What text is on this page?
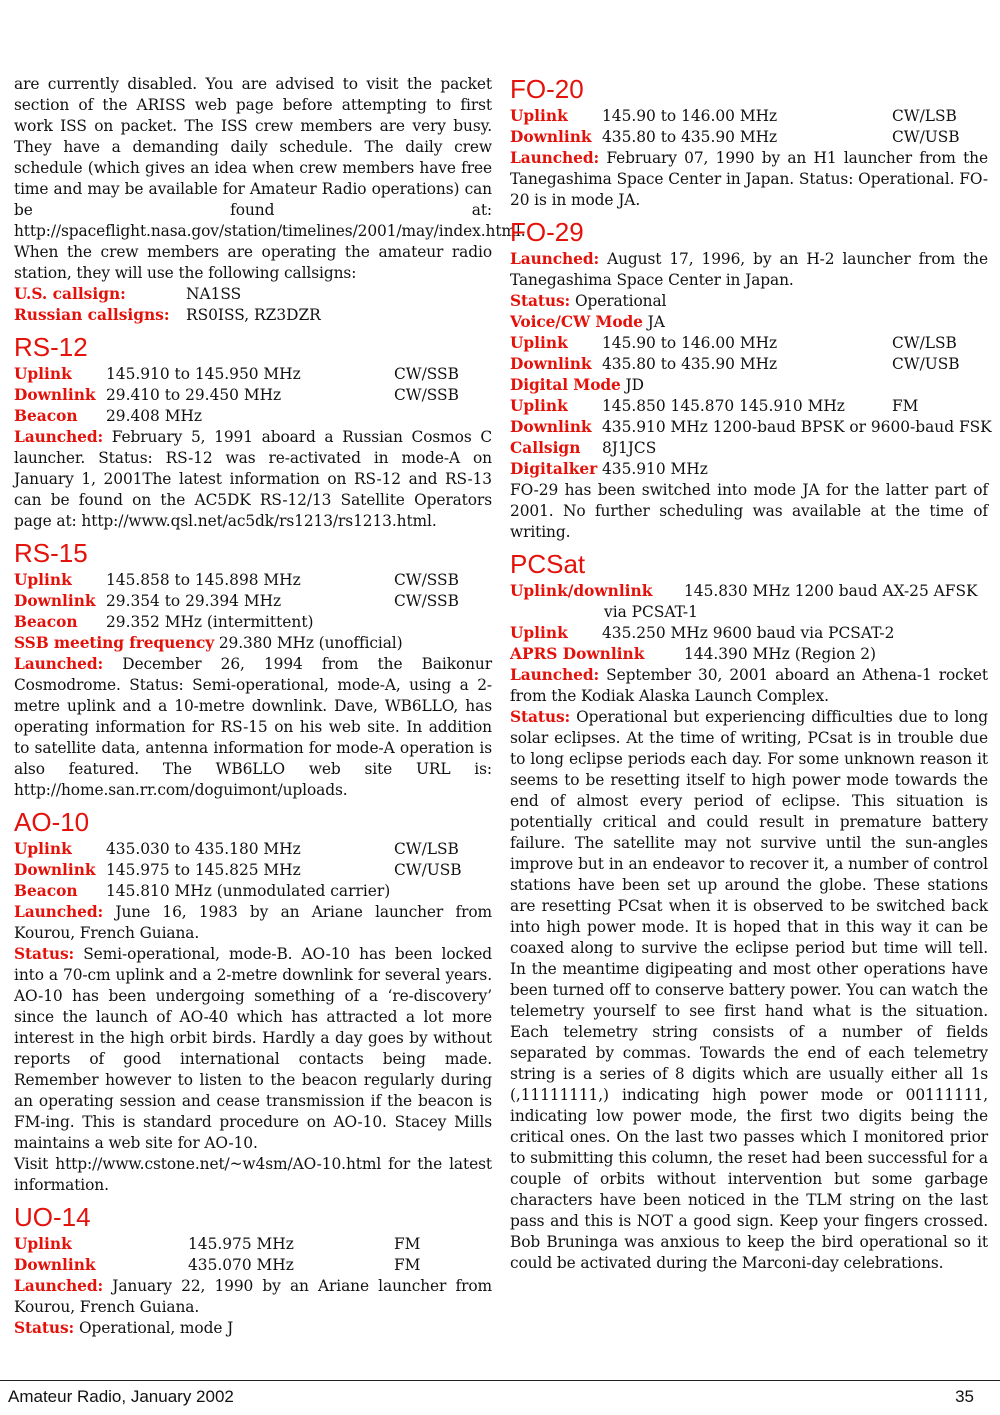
are currently disabled. You are advised to visit the packet section of the ARISS web page before attempting to first work ISS on packet. The ISS crew members are very busy. They have a demanding daily schedule. The daily crew schedule (which gives an idea when crew members have free time and may be available for Amateur Radio operations) can be found at: http://spaceflight.nasa.gov/station/timelines/2001/may/index.html. When the crew members are operating the amateur radio station, they will use the following callsigns:

U.S. callsign:	NA1SS
Russian callsigns:	RS0ISS, RZ3DZR
RS-12
Uplink	145.910 to 145.950 MHz	CW/SSB
Downlink 29.410 to 29.450 MHz	CW/SSB
Beacon	29.408 MHz

Launched: February 5, 1991 aboard a Russian Cosmos C launcher. Status: RS-12 was re-activated in mode-A on January 1, 2001The latest information on RS-12 and RS-13 can be found on the AC5DK RS-12/13 Satellite Operators page at: http://www.qsl.net/ac5dk/rs1213/rs1213.html.

RS-15
Uplink	145.858 to 145.898 MHz	CW/SSB
Downlink 29.354 to 29.394 MHz	CW/SSB
Beacon	29.352 MHz (intermittent)
SSB meeting frequency 29.380 MHz (unofficial)

Launched: December 26, 1994 from the Baikonur Cosmodrome. Status: Semi-operational, mode-A, using a 2-metre uplink and a 10-metre downlink. Dave, WB6LLO, has operating information for RS-15 on his web site. In addition to satellite data, antenna information for mode-A operation is also featured. The WB6LLO web site URL is: http://home.san.rr.com/doguimont/uploads.

AO-10
Uplink	435.030 to 435.180 MHz	CW/LSB
Downlink 145.975 to 145.825 MHz	CW/USB
Beacon	145.810 MHz (unmodulated carrier)

Launched: June 16, 1983 by an Ariane launcher from Kourou, French Guiana.

Status: Semi-operational, mode-B. AO-10 has been locked into a 70-cm uplink and a 2-metre downlink for several years. AO-10 has been undergoing something of a ‘re-discovery’ since the launch of AO-40 which has attracted a lot more interest in the high orbit birds. Hardly a day goes by without reports of good international contacts being made. Remember however to listen to the beacon regularly during an operating session and cease transmission if the beacon is FM-ing. This is standard procedure on AO-10. Stacey Mills maintains a web site for AO-10.

Visit http://www.cstone.net/~w4sm/AO-10.html for the latest information.

UO-14
Uplink	145.975 MHz	FM
Downlink	435.070 MHz	FM

Launched: January 22, 1990 by an Ariane launcher from Kourou, French Guiana.

Status: Operational, mode J

FO-20
Uplink	145.90 to 146.00 MHz	CW/LSB
Downlink 435.80 to 435.90 MHz	CW/USB

Launched: February 07, 1990 by an H1 launcher from the Tanegashima Space Center in Japan. Status: Operational. FO-20 is in mode JA.

FO-29

Launched: August 17, 1996, by an H-2 launcher from the Tanegashima Space Center in Japan.

Status: Operational
Voice/CW Mode JA
Uplink	145.90 to 146.00 MHz	CW/LSB
Downlink 435.80 to 435.90 MHz	CW/USB
Digital Mode JD
Uplink	145.850 145.870 145.910 MHz	FM
Downlink 435.910 MHz 1200-baud BPSK or 9600-baud FSK
Callsign	8J1JCS
Digitalker 435.910 MHz

FO-29 has been switched into mode JA for the latter part of 2001. No further scheduling was available at the time of writing.

PCSat
Uplink/downlink	145.830 MHz 1200 baud AX-25 AFSK
via PCSAT-1
Uplink	435.250 MHz 9600 baud via PCSAT-2
APRS Downlink	144.390 MHz (Region 2)

Launched: September 30, 2001 aboard an Athena-1 rocket from the Kodiak Alaska Launch Complex.

Status: Operational but experiencing difficulties due to long solar eclipses. At the time of writing, PCsat is in trouble due to long eclipse periods each day. For some unknown reason it seems to be resetting itself to high power mode towards the end of almost every period of eclipse. This situation is potentially critical and could result in premature battery failure. The satellite may not survive until the sun-angles improve but in an endeavor to recover it, a number of control stations have been set up around the globe. These stations are resetting PCsat when it is observed to be switched back into high power mode. It is hoped that in this way it can be coaxed along to survive the eclipse period but time will tell. In the meantime digipeating and most other operations have been turned off to conserve battery power. You can watch the telemetry yourself to see first hand what is the situation. Each telemetry string consists of a number of fields separated by commas. Towards the end of each telemetry string is a series of 8 digits which are usually either all 1s (,11111111,) indicating high power mode or 00111111, indicating low power mode, the first two digits being the critical ones. On the last two passes which I monitored prior to submitting this column, the reset had been successful for a couple of orbits without intervention but some garbage characters have been noticed in the TLM string on the last pass and this is NOT a good sign. Keep your fingers crossed. Bob Bruninga was anxious to keep the bird operational so it could be activated during the Marconi-day celebrations.

Amateur Radio, January 2002	35
